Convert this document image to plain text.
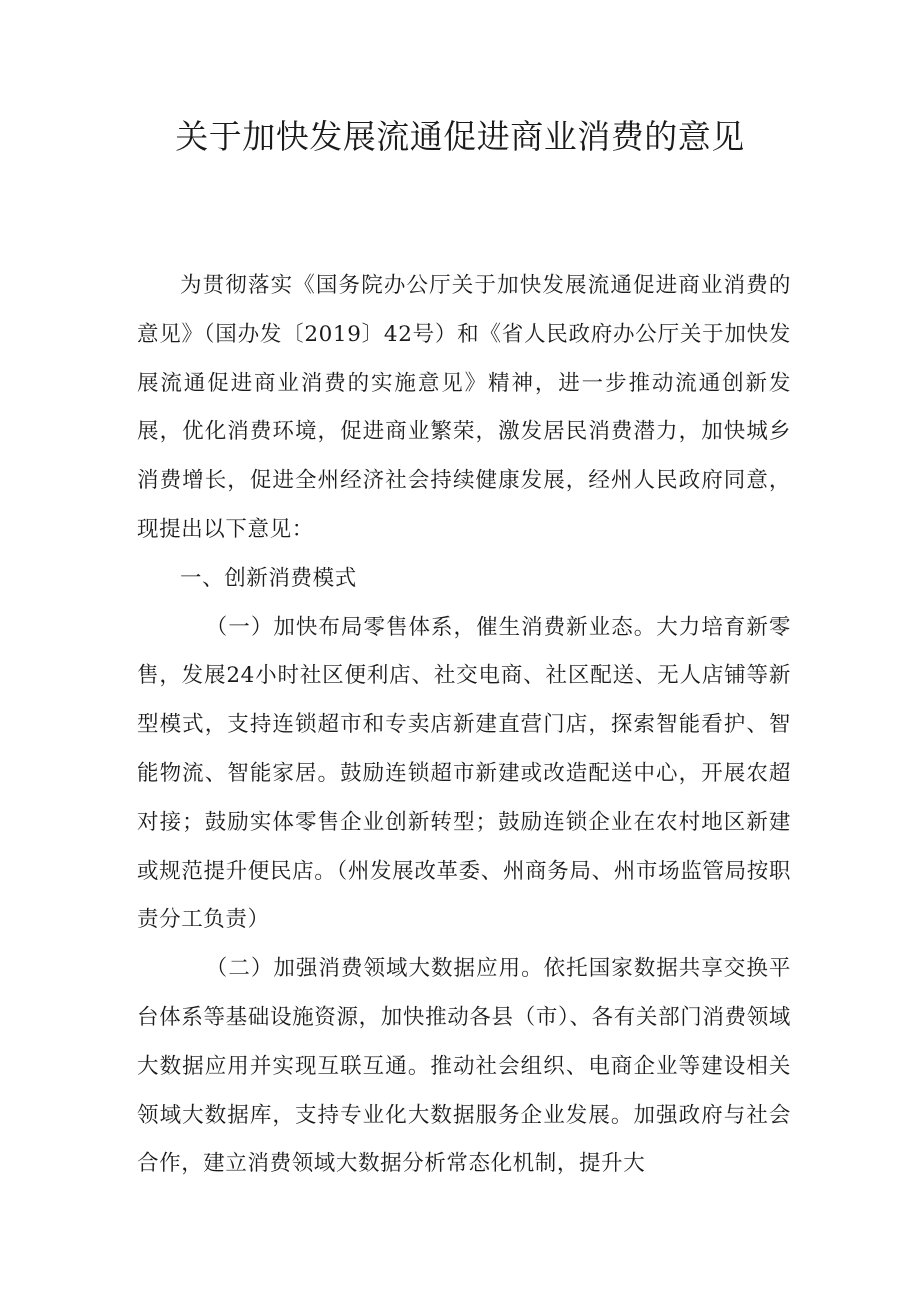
关于加快发展流通促进商业消费的意见

为贯彻落实《国务院办公厅关于加快发展流通促进商业消费的意见》（国办发〔2019〕42号）和《省人民政府办公厅关于加快发展流通促进商业消费的实施意见》精神，进一步推动流通创新发展，优化消费环境，促进商业繁荣，激发居民消费潜力，加快城乡消费增长，促进全州经济社会持续健康发展，经州人民政府同意，现提出以下意见：

一、创新消费模式

（一）加快布局零售体系，催生消费新业态。大力培育新零售，发展24小时社区便利店、社交电商、社区配送、无人店铺等新型模式，支持连锁超市和专卖店新建直营门店，探索智能看护、智能物流、智能家居。鼓励连锁超市新建或改造配送中心，开展农超对接；鼓励实体零售企业创新转型；鼓励连锁企业在农村地区新建或规范提升便民店。（州发展改革委、州商务局、州市场监管局按职责分工负责）

（二）加强消费领域大数据应用。依托国家数据共享交换平台体系等基础设施资源，加快推动各县（市）、各有关部门消费领域大数据应用并实现互联互通。推动社会组织、电商企业等建设相关领域大数据库，支持专业化大数据服务企业发展。加强政府与社会合作，建立消费领域大数据分析常态化机制，提升大
